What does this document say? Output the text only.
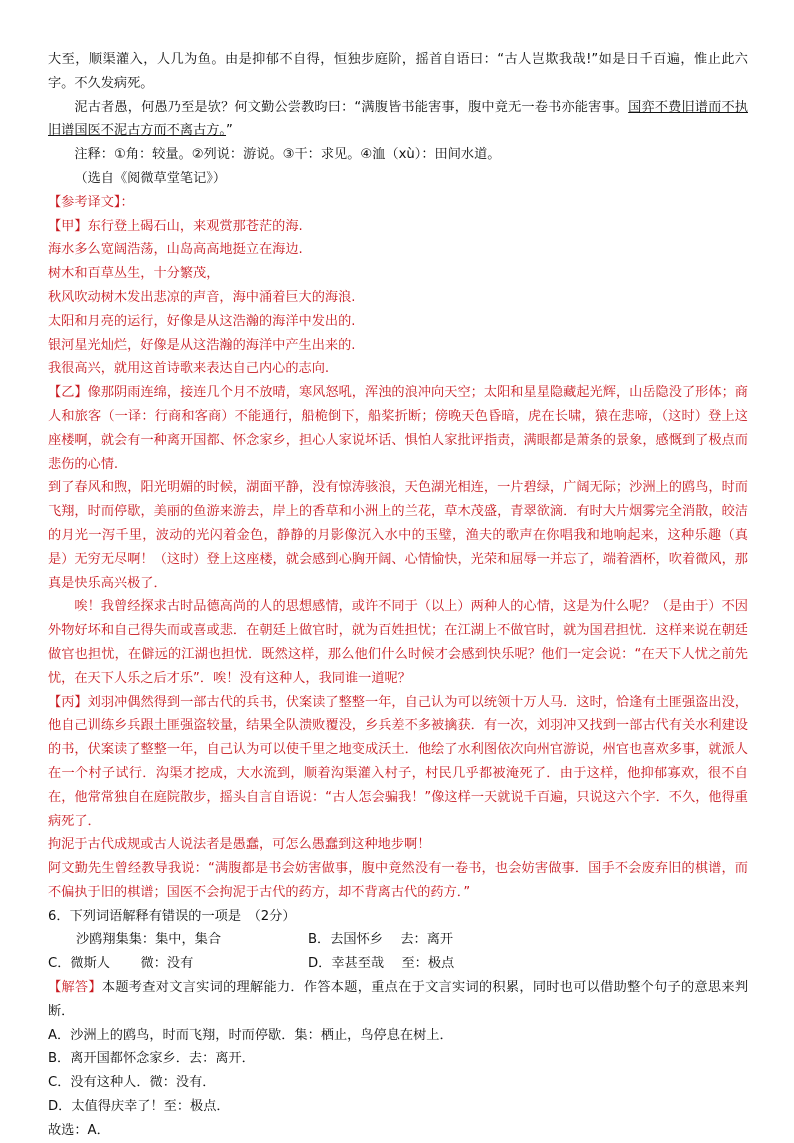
大至，顺渠灌入，人几为鱼。由是抑郁不自得，恒独步庭阶，摇首自语曰：“古人岂欺我哉!”如是日千百遍，惟止此六字。不久发病死。

泥古者愚，何愚乃至是欤？何文勤公尝教昀曰：“满腹皆书能害事，腹中竟无一卷书亦能害事。国弈不费旧谱而不执旧谱国医不泥古方而不离古方。”

注释：①角：较量。②列说：游说。③干：求见。④洫（xù）：田间水道。

（选自《阅微草堂笔记》）

【参考译文】：

【甲】东行登上碣石山，来观赏那苍茫的海.

海水多么宽阔浩荡，山岛高高地挺立在海边.

树木和百草丛生，十分繁茂，

秋风吹动树木发出悲凉的声音，海中涌着巨大的海浪.

太阳和月亮的运行，好像是从这浩瀚的海洋中发出的.

银河星光灿烂，好像是从这浩瀚的海洋中产生出来的.

我很高兴，就用这首诗歌来表达自己内心的志向.

【乙】像那阴雨连绵，接连几个月不放晴，寒风怒吼，浑浊的浪冲向天空；太阳和星星隐藏起光辉，山岳隐没了形体；商人和旅客（一译：行商和客商）不能通行，船桅倒下，船桨折断；傍晚天色昏暗，虎在长啸，猿在悲啼，（这时）登上这座楼啊，就会有一种离开国都、怀念家乡，担心人家说坏话、惧怕人家批评指责，满眼都是萧条的景象，感慨到了极点而悲伤的心情.

到了春风和煦，阳光明媚的时候，湖面平静，没有惊涛骇浪，天色湖光相连，一片碧绿，广阔无际；沙洲上的鸥鸟，时而飞翔，时而停歇，美丽的鱼游来游去，岸上的香草和小洲上的兰花，草木茂盛，青翠欲滴．有时大片烟雾完全消散，皎洁的月光一泻千里，波动的光闪着金色，静静的月影像沉入水中的玉璧，渔夫的歌声在你唱我和地响起来，这种乐趣（真是）无穷无尽啊！（这时）登上这座楼，就会感到心胸开阔、心情愉快，光荣和屈辱一并忘了，端着酒杯，吹着微风，那真是快乐高兴极了．

唉！我曾经探求古时品德高尚的人的思想感情，或许不同于（以上）两种人的心情，这是为什么呢？（是由于）不因外物好坏和自己得失而或喜或悲．在朝廷上做官时，就为百姓担忧；在江湖上不做官时，就为国君担忧．这样来说在朝廷做官也担忧，在僻远的江湖也担忧．既然这样，那么他们什么时候才会感到快乐呢？他们一定会说：“在天下人忧之前先忧，在天下人乐之后才乐”．唉！没有这种人，我同谁一道呢？

【丙】刘羽冲偶然得到一部古代的兵书，伏案读了整整一年，自己认为可以统领十万人马．这时，恰逢有土匪强盗出没，他自己训练乡兵跟土匪强盗较量，结果全队溃败覆没，乡兵差不多被擒获．有一次，刘羽冲又找到一部古代有关水利建设的书，伏案读了整整一年，自己认为可以使千里之地变成沃土．他绘了水利图依次向州官游说，州官也喜欢多事，就派人在一个村子试行．沟渠才挖成，大水流到，顺着沟渠灌入村子，村民几乎都被淹死了．由于这样，他抑郁寡欢，很不自在，他常常独自在庭院散步，摇头自言自语说：“古人怎会骗我！”像这样一天就说千百遍，只说这六个字．不久，他得重病死了．

拘泥于古代成规或古人说法者是愚蠢，可怎么愚蠢到这种地步啊！

阿文勤先生曾经教导我说：“满腹都是书会妨害做事，腹中竟然没有一卷书，也会妨害做事．国手不会废弃旧的棋谱，而不偏执于旧的棋谱；国医不会拘泥于古代的药方，却不背离古代的药方．”

6．下列词语解释有错误的一项是　（2分）

沙鸥翔集集：集中，集合	B．去国怀乡　 去：离开
C．微斯人　　 微：没有	D．幸甚至哉　 至：极点

【解答】本题考查对文言实词的理解能力．作答本题，重点在于文言实词的积累，同时也可以借助整个句子的意思来判断．

A．沙洲上的鸥鸟，时而飞翔，时而停歇．集：栖止，鸟停息在树上．

B．离开国都怀念家乡．去：离开．

C．没有这种人．微：没有．

D．太值得庆幸了！至：极点．

故选：A．
